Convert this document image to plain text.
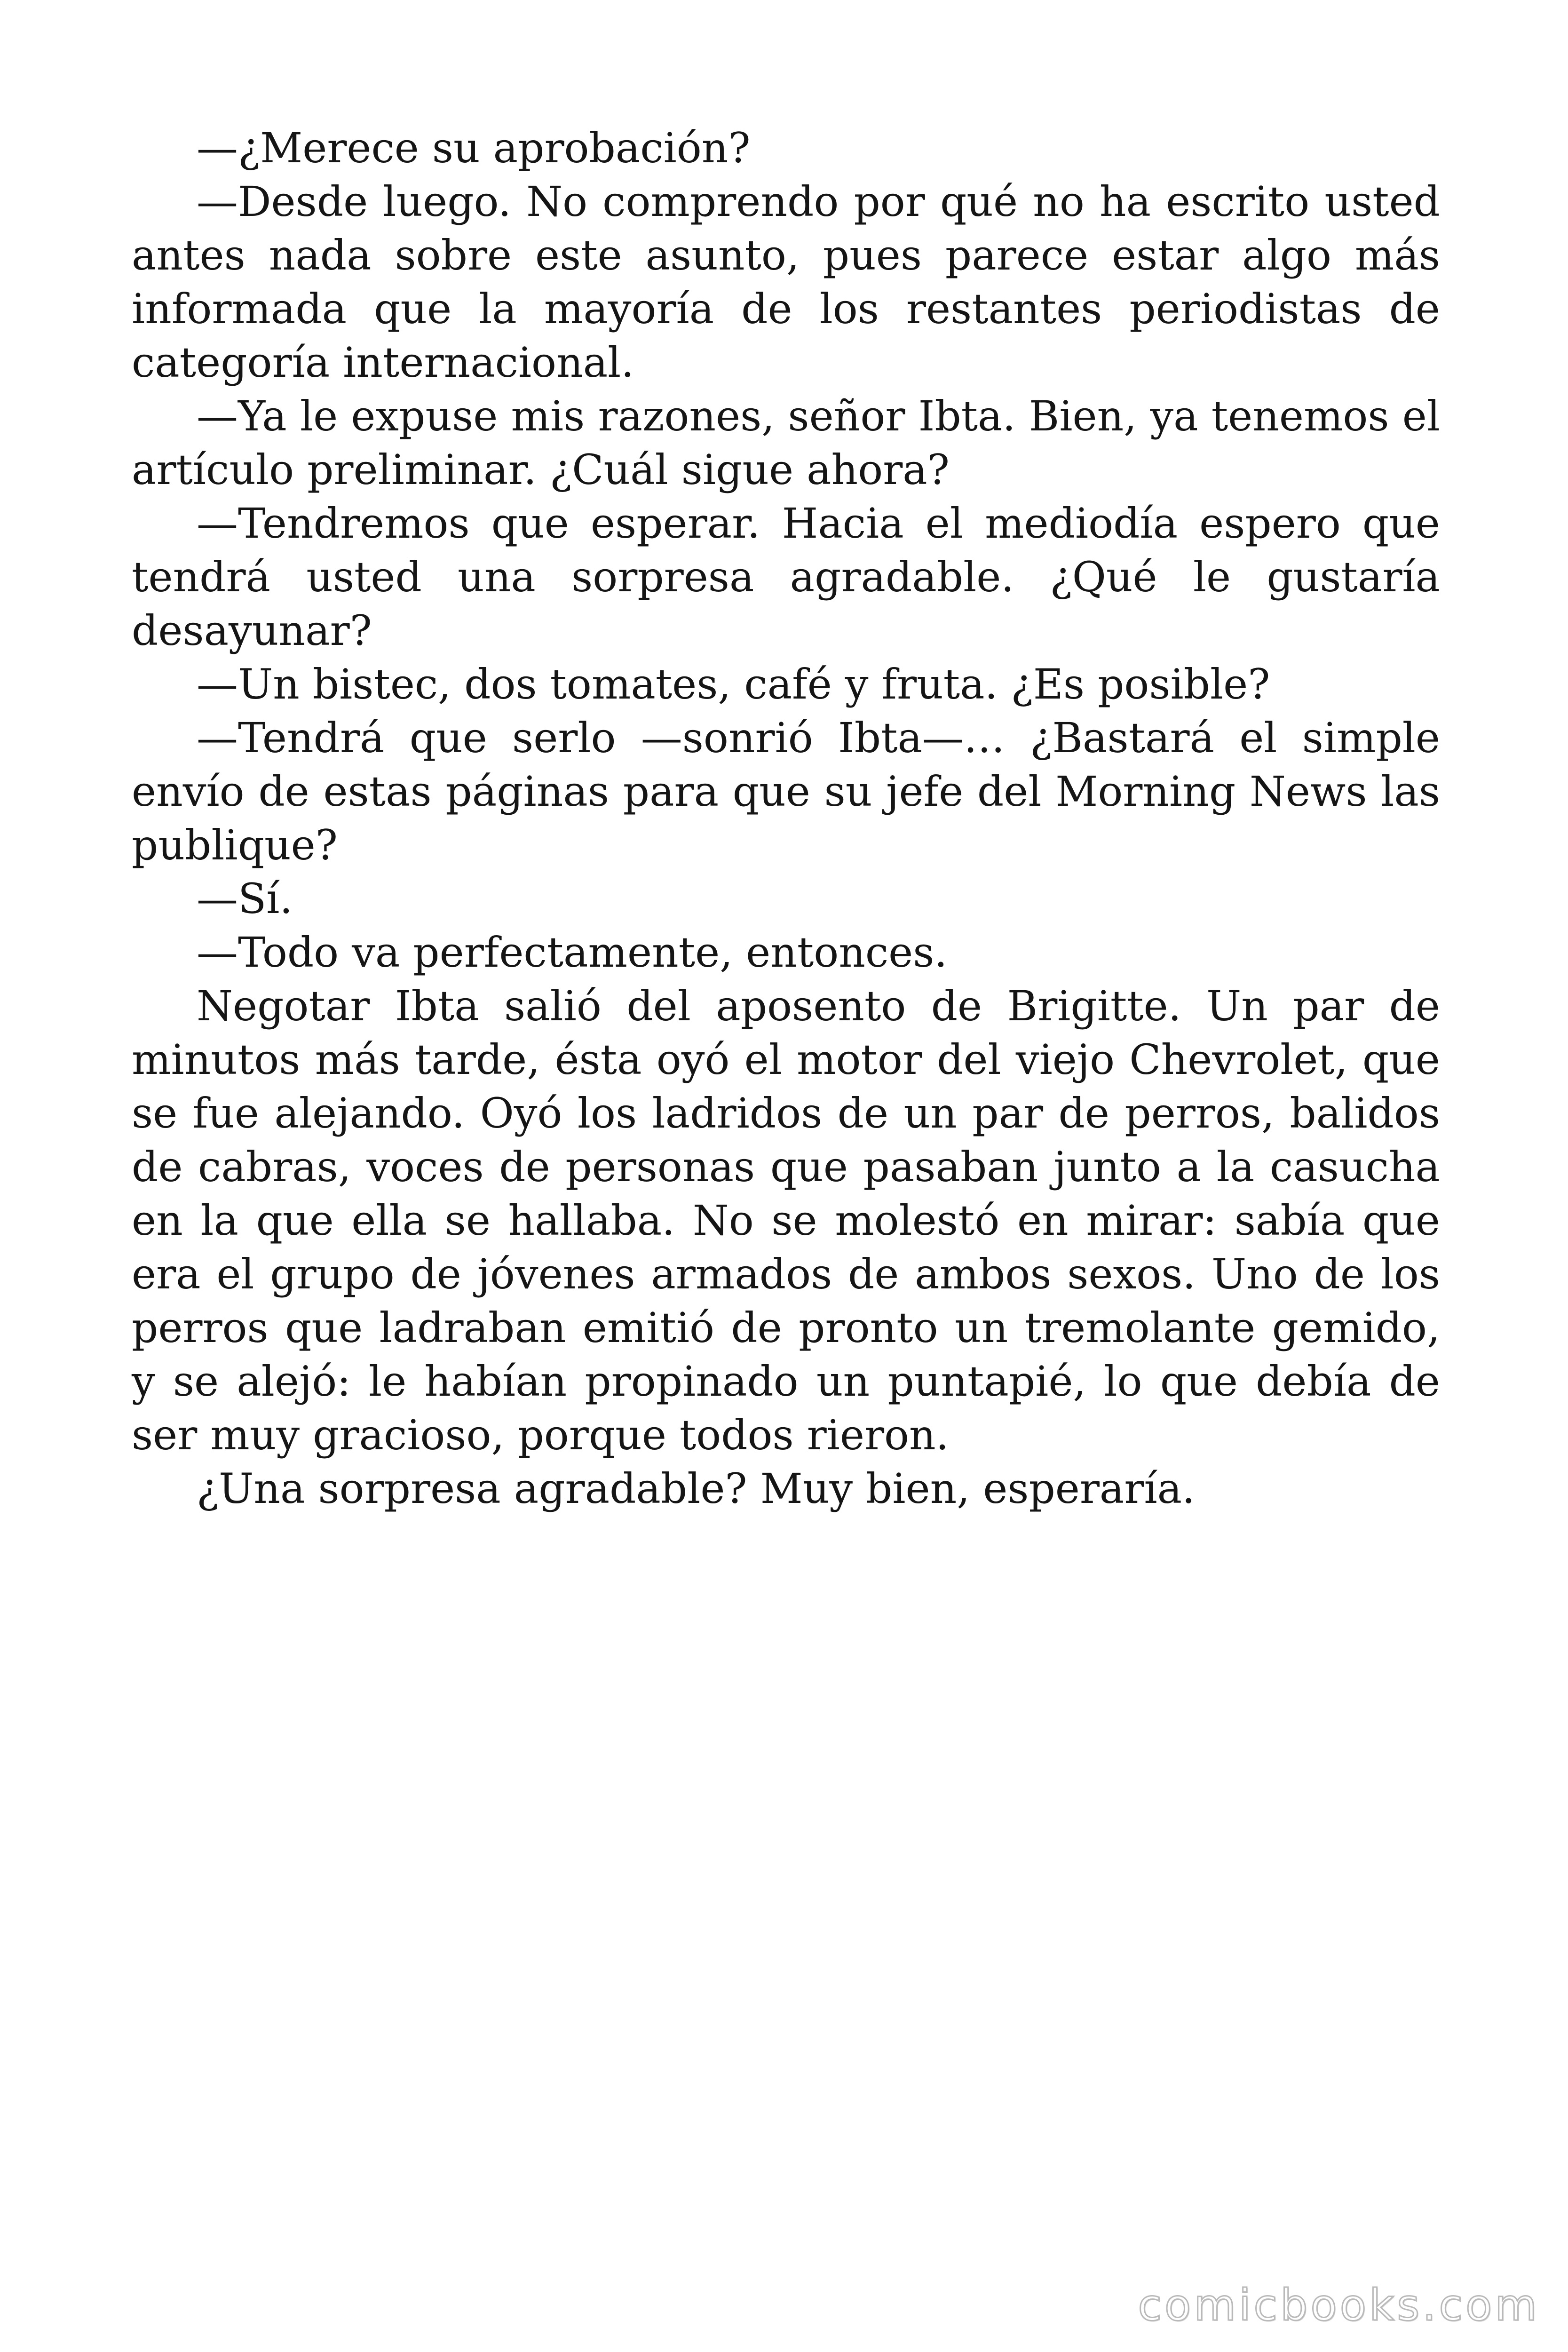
—¿Merece su aprobación?

—Desde luego. No comprendo por qué no ha escrito usted antes nada sobre este asunto, pues parece estar algo más informada que la mayoría de los restantes periodistas de categoría internacional.

—Ya le expuse mis razones, señor Ibta. Bien, ya tenemos el artículo preliminar. ¿Cuál sigue ahora?

—Tendremos que esperar. Hacia el mediodía espero que tendrá usted una sorpresa agradable. ¿Qué le gustaría desayunar?

—Un bistec, dos tomates, café y fruta. ¿Es posible?

—Tendrá que serlo —sonrió Ibta—… ¿Bastará el simple envío de estas páginas para que su jefe del Morning News las publique?

—Sí.

—Todo va perfectamente, entonces.

Negotar Ibta salió del aposento de Brigitte. Un par de minutos más tarde, ésta oyó el motor del viejo Chevrolet, que se fue alejando. Oyó los ladridos de un par de perros, balidos de cabras, voces de personas que pasaban junto a la casucha en la que ella se hallaba. No se molestó en mirar: sabía que era el grupo de jóvenes armados de ambos sexos. Uno de los perros que ladraban emitió de pronto un tremolante gemido, y se alejó: le habían propinado un puntapié, lo que debía de ser muy gracioso, porque todos rieron.

¿Una sorpresa agradable? Muy bien, esperaría.

comicbooks.com
